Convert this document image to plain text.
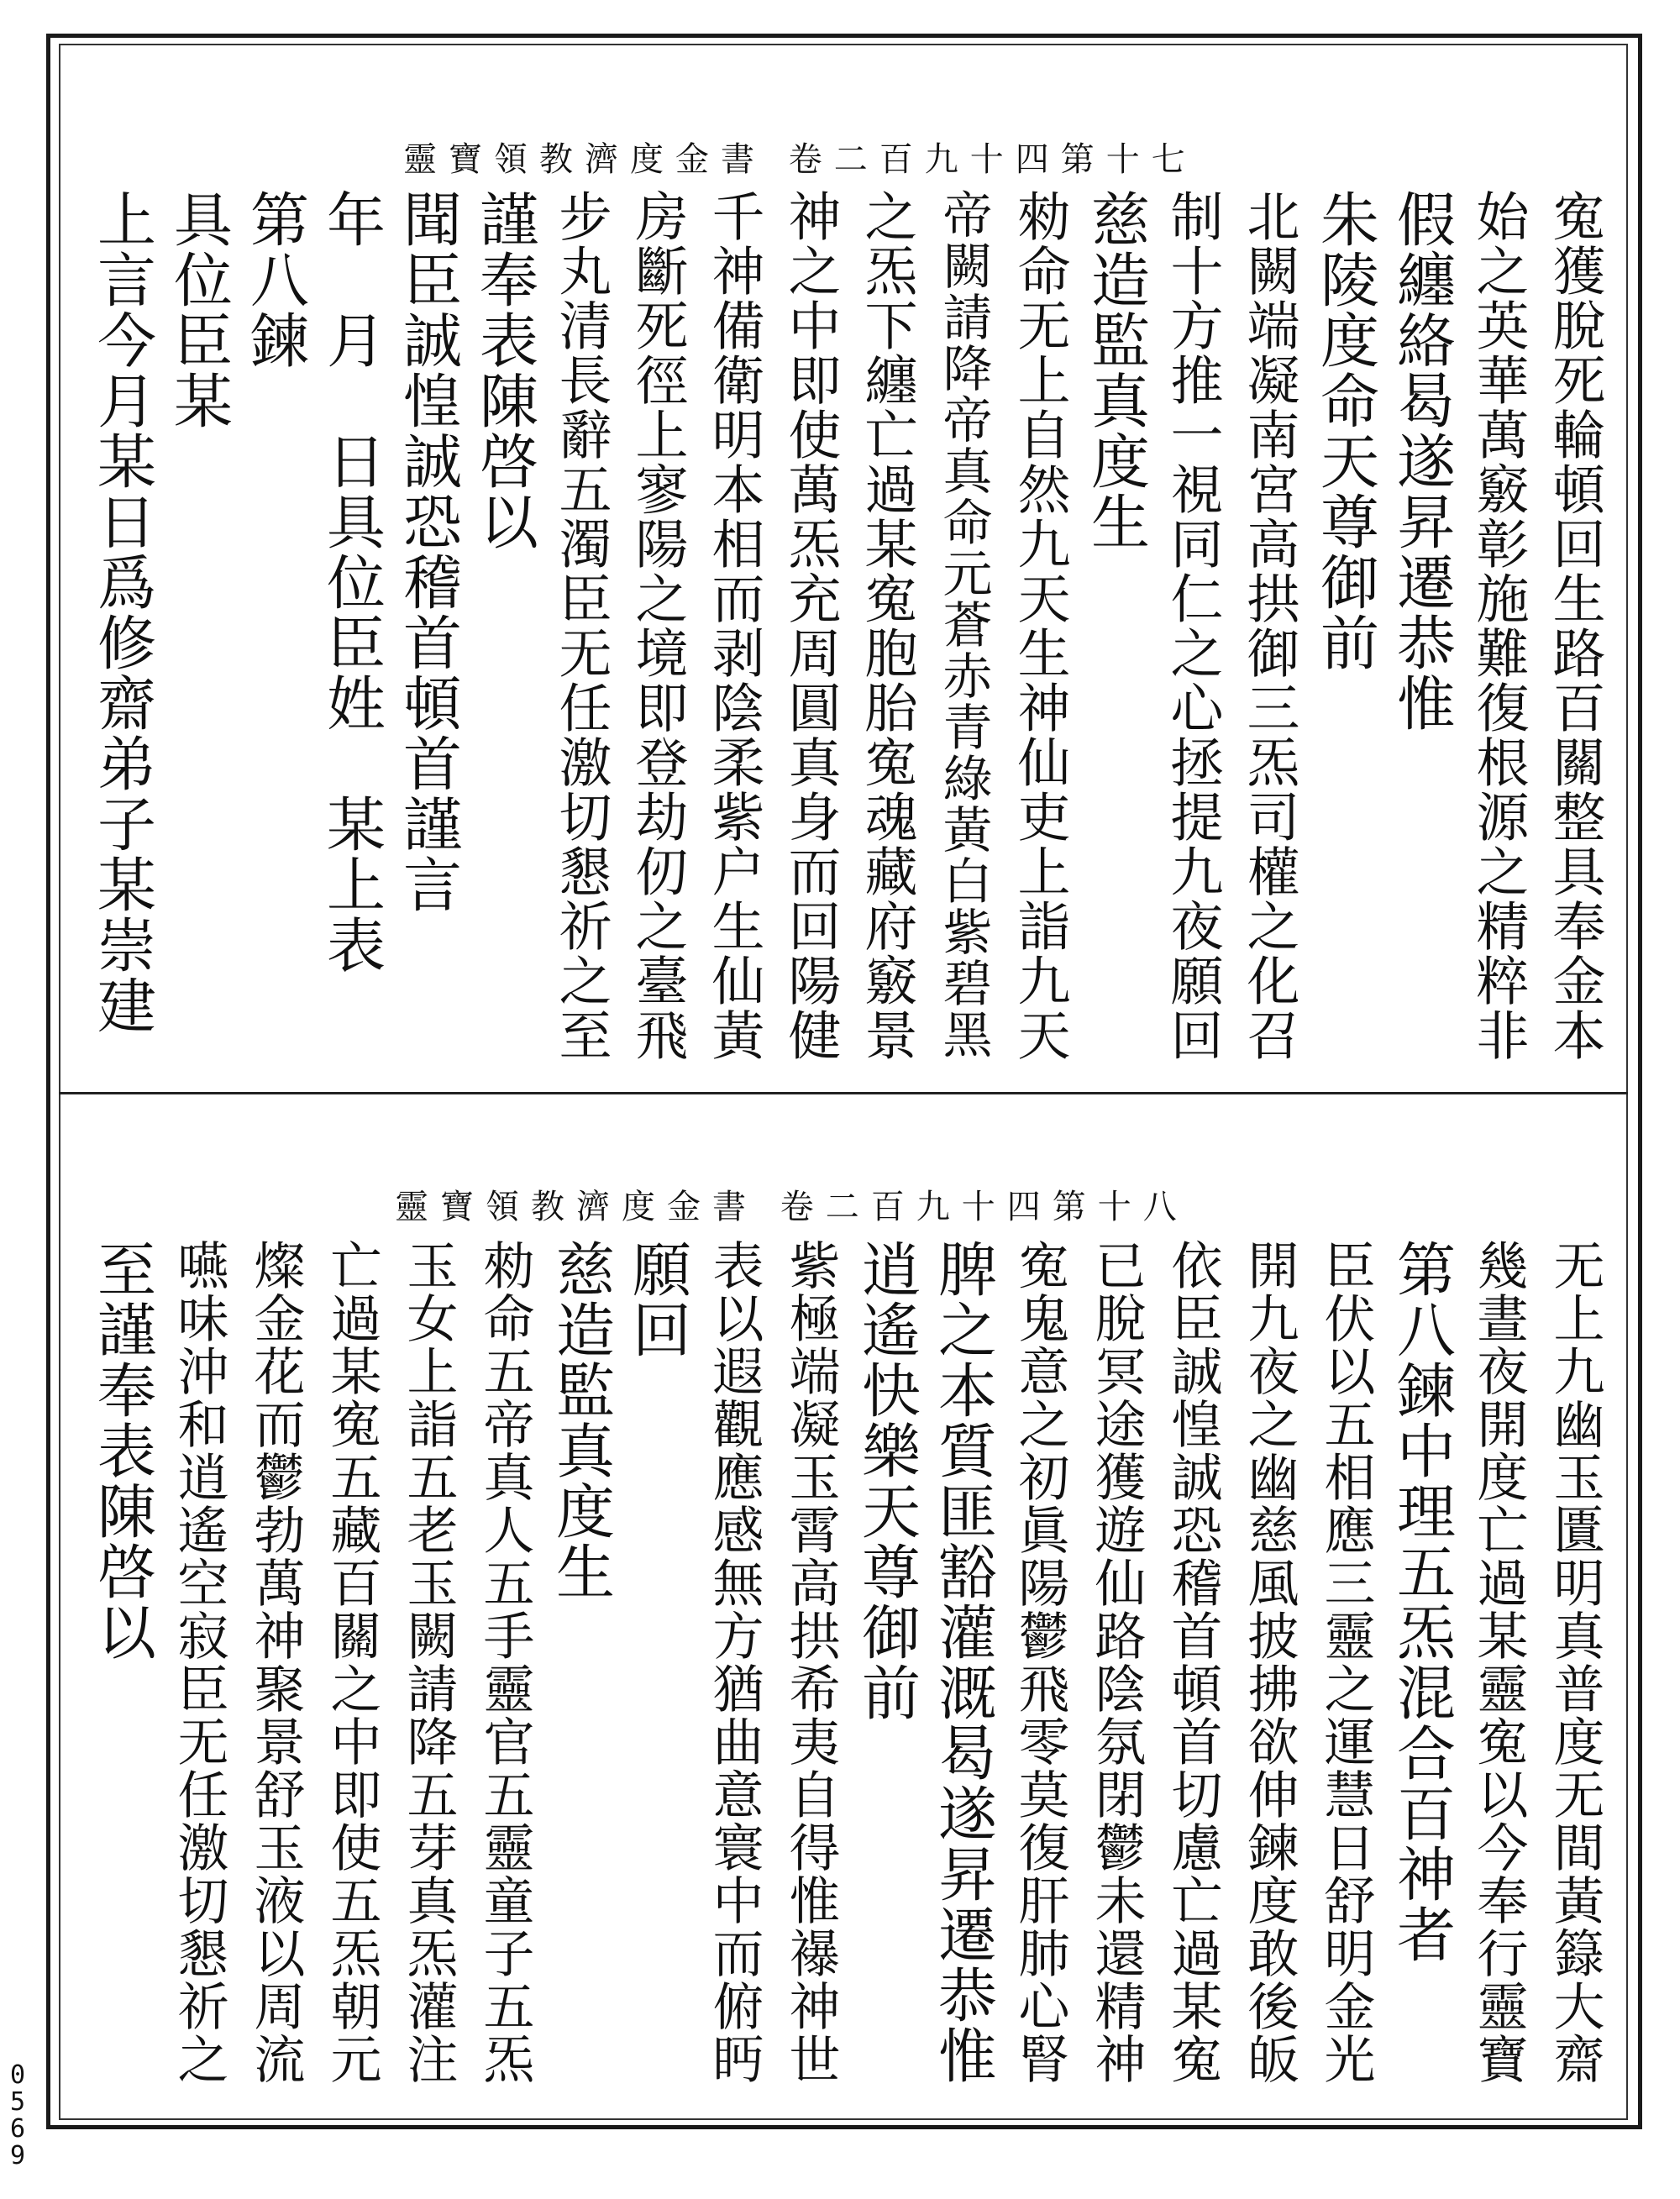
0569
靈寶領教濟度金書 卷二百九十四第十七
寃獲脫死輪頓回生路百關整具奉金本
始之英華萬竅彰施難復根源之精粹非
假纏絡曷遂昇遷恭惟
朱陵度命天尊御前
北闕端凝南宮高拱御三炁司權之化召
制十方推一視同仁之心拯提九夜願回
慈造監真度生
勑命无上自然九天生神仙吏上詣九天
帝闕請降帝真命元蒼赤青綠黃白紫碧黑
之炁下纏亡過某寃胞胎寃魂藏府竅景
神之中即使萬炁充周圓真身而回陽健
千神備衛明本相而剥陰柔紫户生仙黃
房斷死徑上寥陽之境即登劫仞之臺飛
步丸清長辭五濁臣无任激切懇祈之至
謹奉表陳啓以
聞臣誠惶誠恐稽首頓首謹言
年　月　日具位臣姓　某上表
第八鍊
具位臣某
上言今月某日爲修齋弟子某崇建
靈寶領教濟度金書 卷二百九十四第十八
无上九幽玉匱明真普度无間黃籙大齋
幾晝夜開度亡過某靈寃以今奉行靈寶
第八鍊中理五炁混合百神者
臣伏以五相應三靈之運慧日舒明金光
開九夜之幽慈風披拂欲伸鍊度敢後皈
依臣誠惶誠恐稽首頓首切慮亡過某寃
已脫冥途獲遊仙路陰氛閉鬱未還精神
寃鬼意之初眞陽鬱飛零莫復肝肺心腎
脾之本質匪豁灌溉曷遂昇遷恭惟
逍遙快樂天尊御前
紫極端凝玉霄高拱希夷自得惟襮神世
表以遐觀應感無方猶曲意寰中而俯眄
願回
慈造監真度生
勑命五帝真人五手靈官五靈童子五炁
玉女上詣五老玉闕請降五芽真炁灌注
亡過某寃五藏百關之中即使五炁朝元
燦金花而鬱勃萬神聚景舒玉液以周流
嚥味沖和逍遙空寂臣无任激切懇祈之
至謹奉表陳啓以
